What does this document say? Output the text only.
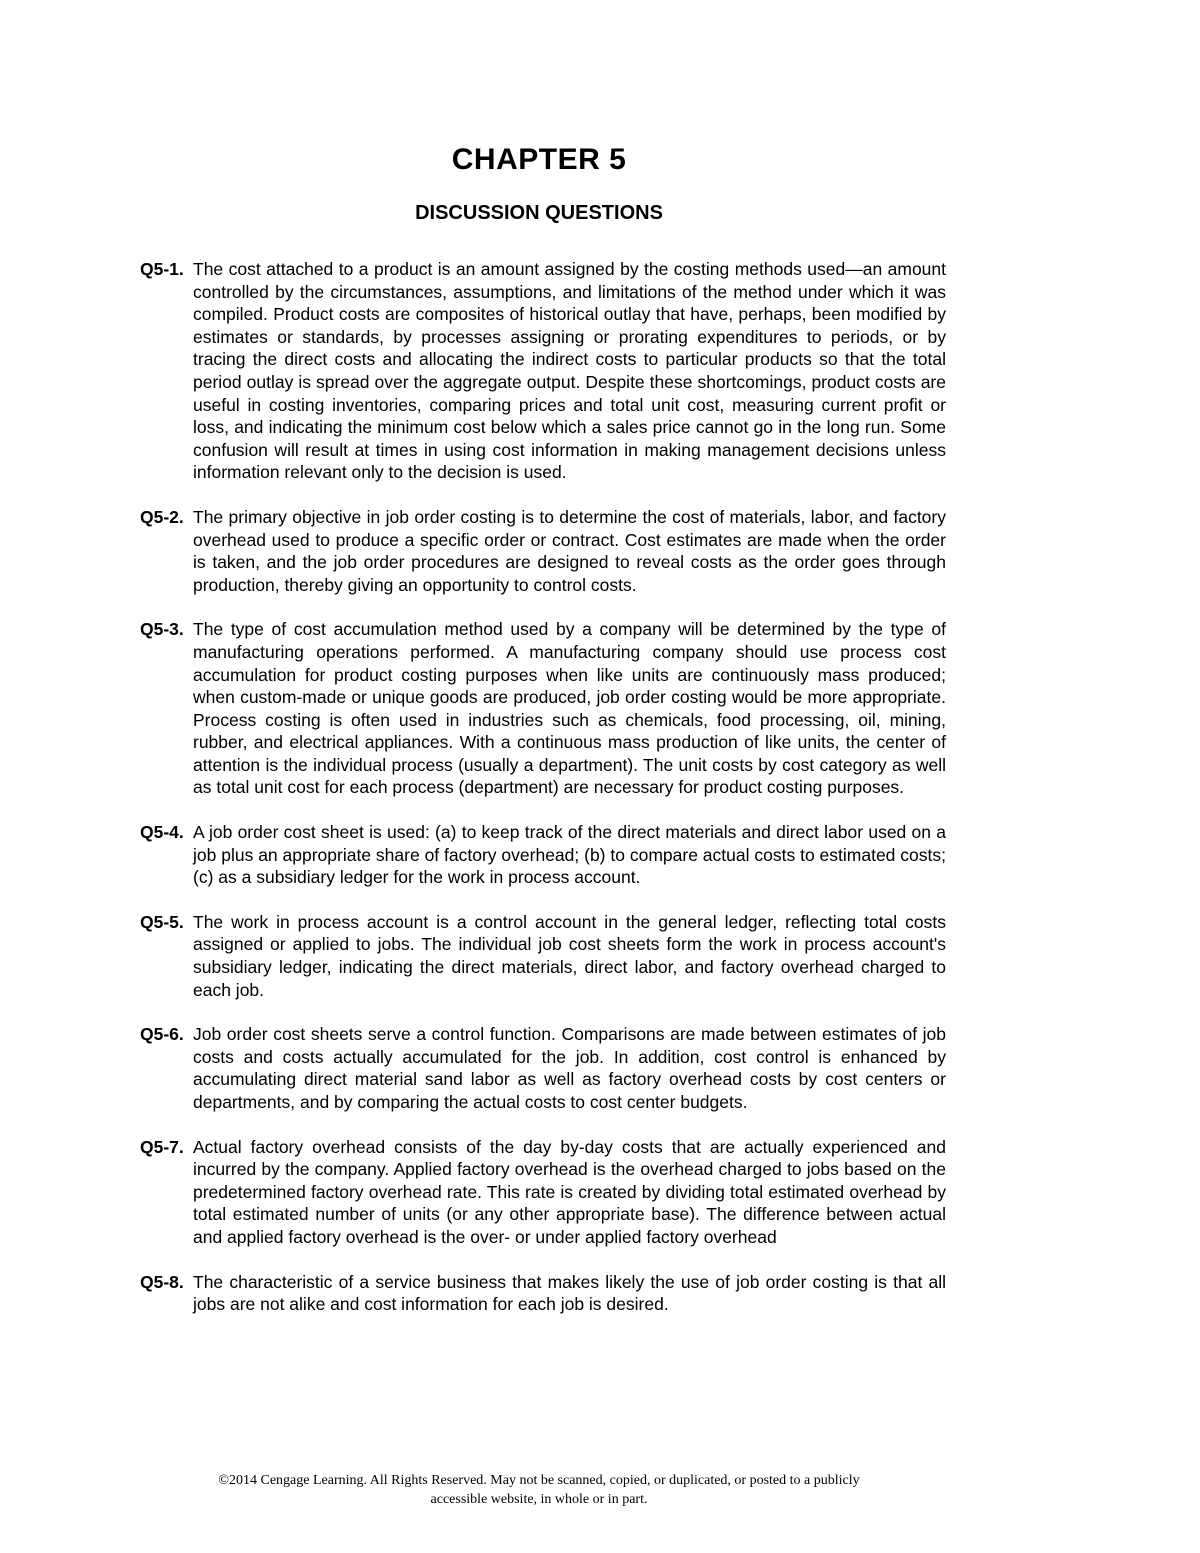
CHAPTER 5
DISCUSSION QUESTIONS
Q5-1. The cost attached to a product is an amount assigned by the costing methods used—an amount controlled by the circumstances, assumptions, and limitations of the method under which it was compiled. Product costs are composites of historical outlay that have, perhaps, been modified by estimates or standards, by processes assigning or prorating expenditures to periods, or by tracing the direct costs and allocating the indirect costs to particular products so that the total period outlay is spread over the aggregate output. Despite these shortcomings, product costs are useful in costing inventories, comparing prices and total unit cost, measuring current profit or loss, and indicating the minimum cost below which a sales price cannot go in the long run. Some confusion will result at times in using cost information in making management decisions unless information relevant only to the decision is used.
Q5-2. The primary objective in job order costing is to determine the cost of materials, labor, and factory overhead used to produce a specific order or contract. Cost estimates are made when the order is taken, and the job order procedures are designed to reveal costs as the order goes through production, thereby giving an opportunity to control costs.
Q5-3. The type of cost accumulation method used by a company will be determined by the type of manufacturing operations performed. A manufacturing company should use process cost accumulation for product costing purposes when like units are continuously mass produced; when custom-made or unique goods are produced, job order costing would be more appropriate. Process costing is often used in industries such as chemicals, food processing, oil, mining, rubber, and electrical appliances. With a continuous mass production of like units, the center of attention is the individual process (usually a department). The unit costs by cost category as well as total unit cost for each process (department) are necessary for product costing purposes.
Q5-4. A job order cost sheet is used: (a) to keep track of the direct materials and direct labor used on a job plus an appropriate share of factory overhead; (b) to compare actual costs to estimated costs; (c) as a subsidiary ledger for the work in process account.
Q5-5. The work in process account is a control account in the general ledger, reflecting total costs assigned or applied to jobs. The individual job cost sheets form the work in process account's subsidiary ledger, indicating the direct materials, direct labor, and factory overhead charged to each job.
Q5-6. Job order cost sheets serve a control function. Comparisons are made between estimates of job costs and costs actually accumulated for the job. In addition, cost control is enhanced by accumulating direct material sand labor as well as factory overhead costs by cost centers or departments, and by comparing the actual costs to cost center budgets.
Q5-7. Actual factory overhead consists of the day by-day costs that are actually experienced and incurred by the company. Applied factory overhead is the overhead charged to jobs based on the predetermined factory overhead rate. This rate is created by dividing total estimated overhead by total estimated number of units (or any other appropriate base). The difference between actual and applied factory overhead is the over- or under applied factory overhead
Q5-8. The characteristic of a service business that makes likely the use of job order costing is that all jobs are not alike and cost information for each job is desired.
©2014 Cengage Learning. All Rights Reserved. May not be scanned, copied, or duplicated, or posted to a publicly
accessible website, in whole or in part.
